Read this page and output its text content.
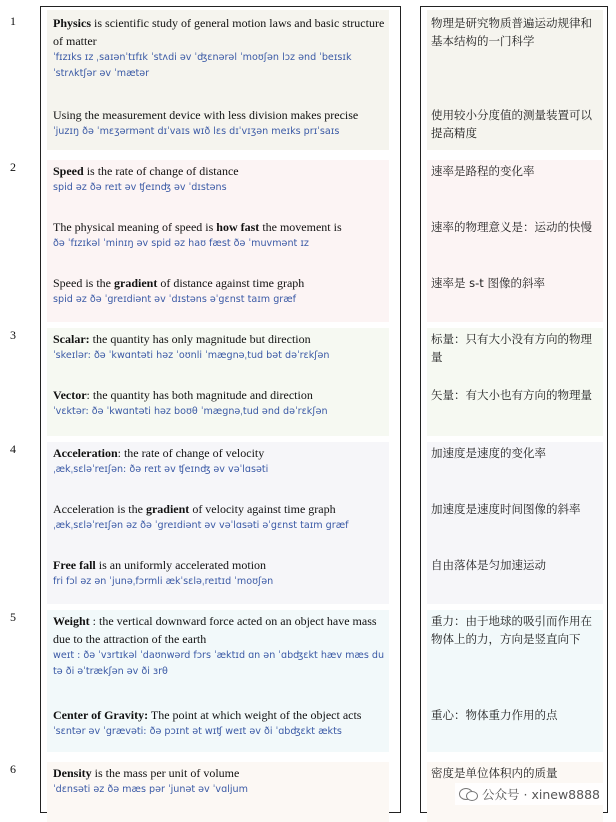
1
2
3
4
5
6
Physics is scientific study of general motion laws and basic structure of matter
ˈfɪzɪks ɪz ˌsaɪənˈtɪfɪk ˈstʌdi əv ˈʤɛnərəl ˈmoʊʃən lɔz ənd ˈbeɪsɪk ˈstrʌktʃər əv ˈmætər
Using the measurement device with less division makes precise
ˈjuzɪŋ ðə ˈmɛʒərmənt dɪˈvaɪs wɪð lɛs dɪˈvɪʒən meɪks prɪˈsaɪs
Speed is the rate of change of distance
spid əz ðə reɪt əv ʧeɪnʤ əv ˈdɪstəns
The physical meaning of speed is how fast the movement is
ðə ˈfɪzɪkəl ˈminɪŋ əv spid əz haʊ fæst ðə ˈmuvmənt ɪz
Speed is the gradient of distance against time graph
spid əz ðə ˈgreɪdiənt əv ˈdɪstəns əˈgɛnst taɪm græf
Scalar: the quantity has only magnitude but direction
ˈskeɪlər: ðə ˈkwɑntəti həz ˈoʊnli ˈmægnəˌtud bət dəˈrɛkʃən
Vector: the quantity has both magnitude and direction
ˈvɛktər: ðə ˈkwɑntəti həz boʊθ ˈmægnəˌtud ənd dəˈrɛkʃən
Acceleration: the rate of change of velocity
ˌækˌsɛləˈreɪʃən: ðə reɪt əv ʧeɪnʤ əv vəˈlɑsəti
Acceleration is the gradient of velocity against time graph
ˌækˌsɛləˈreɪʃən əz ðə ˈgreɪdiənt əv vəˈlɑsəti əˈgɛnst taɪm græf
Free fall is an uniformly accelerated motion
fri fɔl əz ən ˈjunəˌfɔrmli ækˈsɛləˌreɪtɪd ˈmoʊʃən
Weight : the vertical downward force acted on an object have mass due to the attraction of the earth
weɪt : ðə ˈvɜrtɪkəl ˈdaʊnwərd fɔrs ˈæktɪd ɑn ən ˈɑbʤɛkt hæv mæs du tə ði əˈtrækʃən əv ði ɜrθ
Center of Gravity: The point at which weight of the object acts
ˈsɛntər əv ˈgrævəti: ðə pɔɪnt ət wɪʧ weɪt əv ði ˈɑbʤɛkt ækts
Density is the mass per unit of volume
ˈdɛnsəti əz ðə mæs pər ˈjunət əv ˈvɑljum
物理是研究物质普遍运动规律和基本结构的一门科学
使用较小分度值的测量装置可以提高精度
速率是路程的变化率
速率的物理意义是：运动的快慢
速率是 s-t 图像的斜率
标量：只有大小没有方向的物理量
矢量：有大小也有方向的物理量
加速度是速度的变化率
加速度是速度时间图像的斜率
自由落体是匀加速运动
重力：由于地球的吸引而作用在物体上的力，方向是竖直向下
重心：物体重力作用的点
密度是单位体积内的质量
公众号 · xinew8888
